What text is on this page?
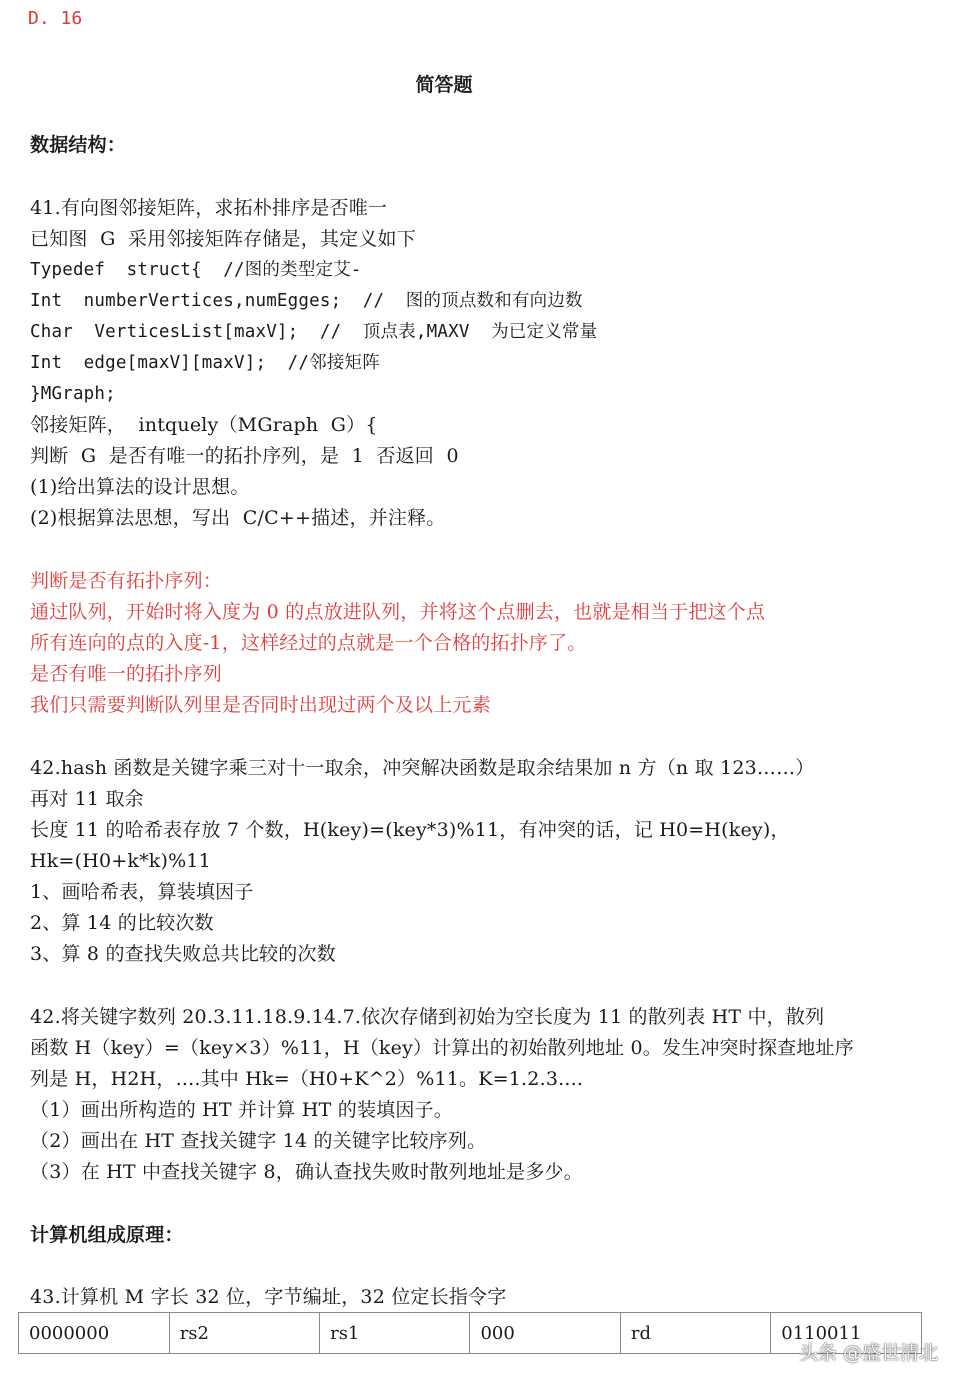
D. 16
简答题
数据结构：
41.有向图邻接矩阵，求拓朴排序是否唯一
已知图  G  采用邻接矩阵存储是，其定义如下
Typedef  struct{  //图的类型定艾-
Int  numberVertices,numEgges;  //  图的顶点数和有向边数
Char  VerticesList[maxV];  //  顶点表,MAXV  为已定义常量
Int  edge[maxV][maxV];  //邻接矩阵
}MGraph;
邻接矩阵，  intquely（MGraph  G）{
判断  G  是否有唯一的拓扑序列，是  1  否返回  0
(1)给出算法的设计思想。
(2)根据算法思想，写出  C/C++描述，并注释。
判断是否有拓扑序列：
通过队列，开始时将入度为 0 的点放进队列，并将这个点删去，也就是相当于把这个点
所有连向的点的入度-1，这样经过的点就是一个合格的拓扑序了。
是否有唯一的拓扑序列
我们只需要判断队列里是否同时出现过两个及以上元素
42.hash 函数是关键字乘三对十一取余，冲突解决函数是取余结果加 n 方（n 取 123……）
再对 11 取余
长度 11 的哈希表存放 7 个数，H(key)=(key*3)%11，有冲突的话，记 H0=H(key)，
Hk=(H0+k*k)%11
1、画哈希表，算装填因子
2、算 14 的比较次数
3、算 8 的查找失败总共比较的次数
42.将关键字数列 20.3.11.18.9.14.7.依次存储到初始为空长度为 11 的散列表 HT 中，散列
函数 H（key）=（key×3）%11，H（key）计算出的初始散列地址 0。发生冲突时探查地址序
列是 H，H2H，....其中 Hk=（H0+K^2）%11。K=1.2.3....
（1）画出所构造的 HT 并计算 HT 的装填因子。
（2）画出在 HT 查找关键字 14 的关键字比较序列。
（3）在 HT 中查找关键字 8，确认查找失败时散列地址是多少。
计算机组成原理：
43.计算机 M 字长 32 位，字节编址，32 位定长指令字
0000000	rs2	rs1	000	rd	0110011
头条 @盛世清北
